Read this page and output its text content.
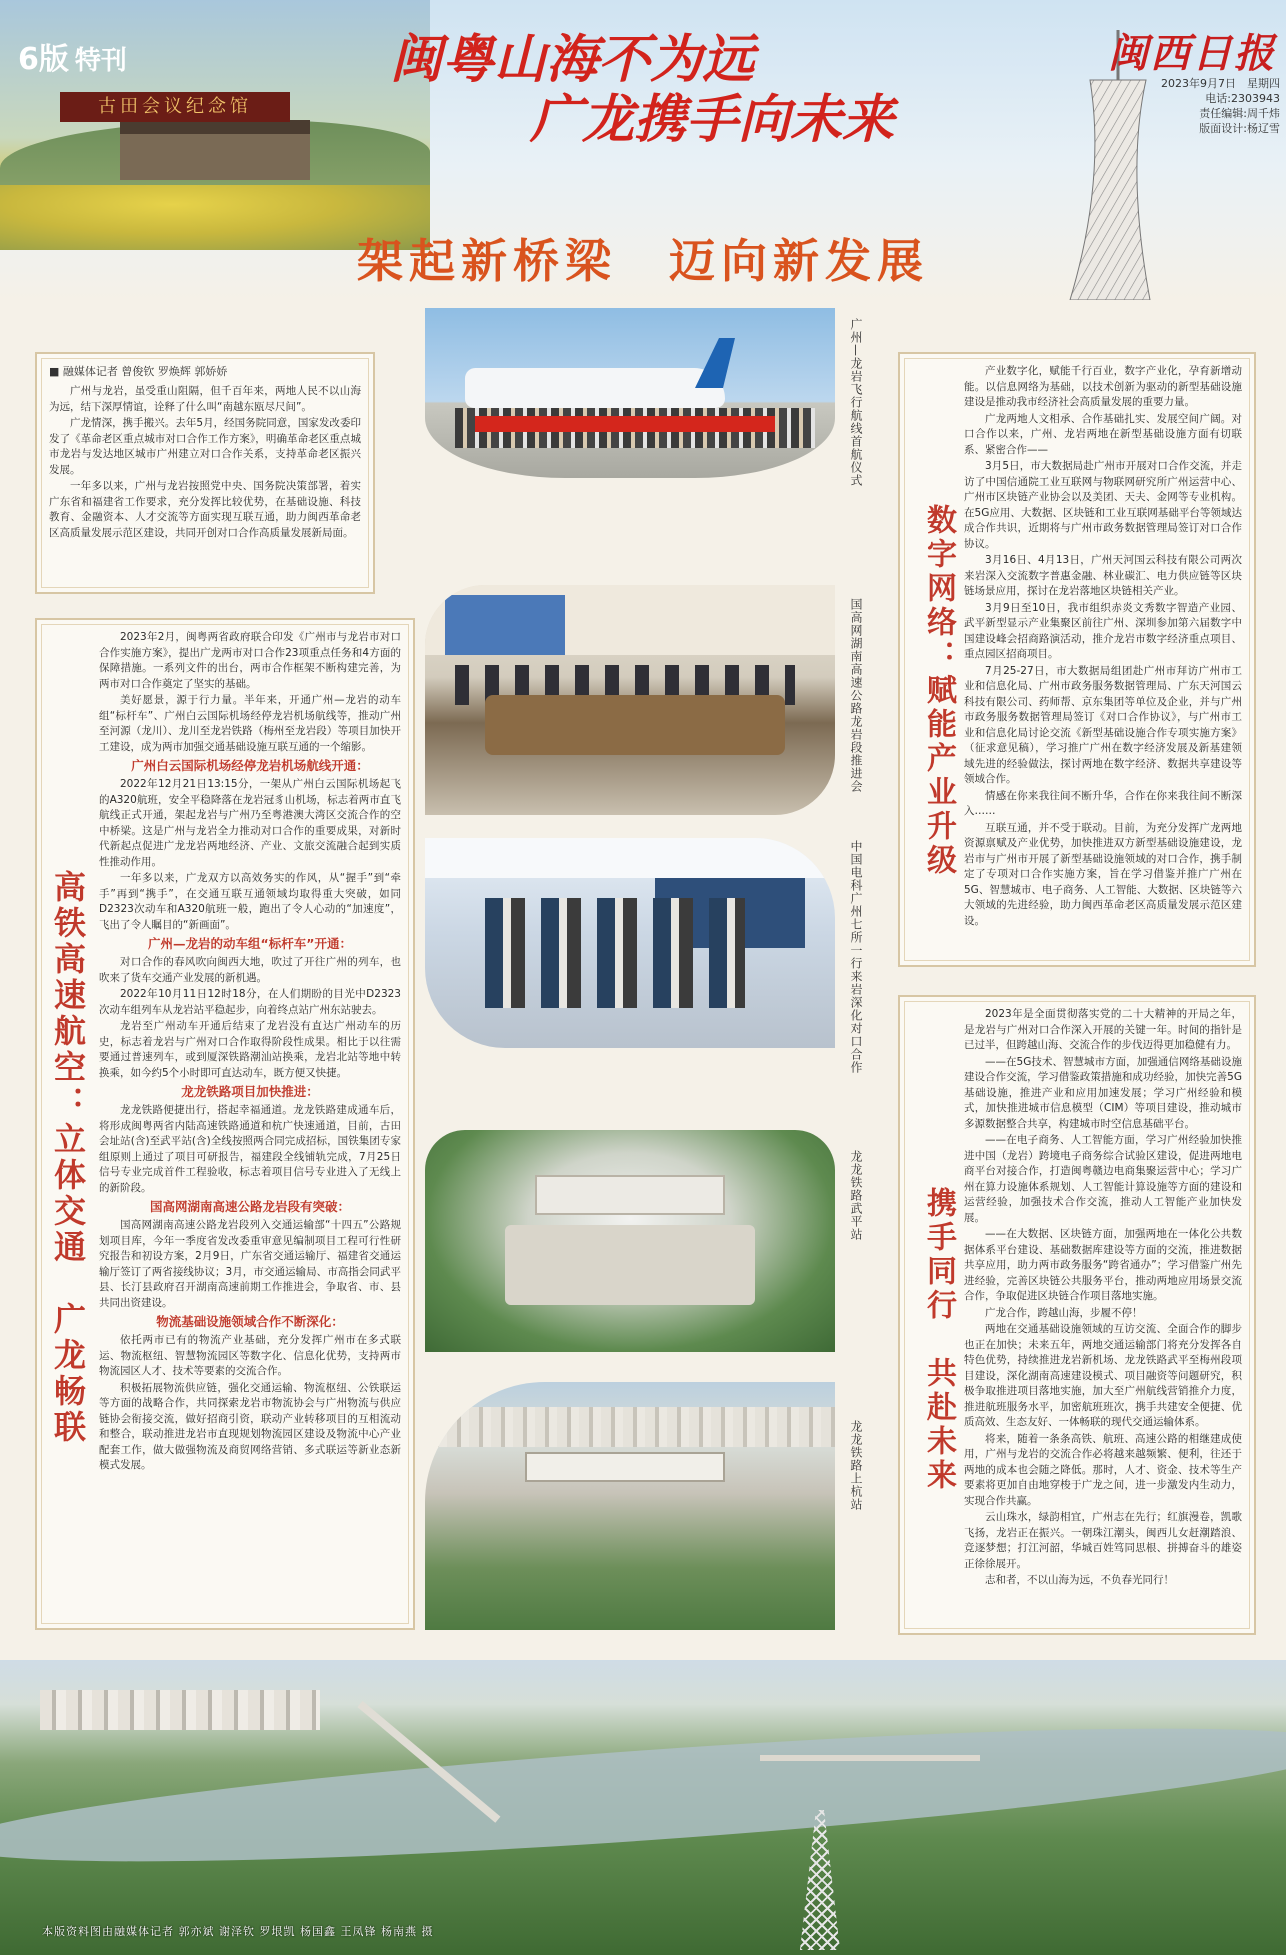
古田会议纪念馆
6版 特刊	闽粤山海不为远
广龙携手向未来
闽西日报
2023年9月7日　星期四
电话:2303943
责任编辑:周千炜
版面设计:杨辽雪
架起新桥梁　迈向新发展
■ 融媒体记者 曾俊钦 罗焕辉 郭娇娇

广州与龙岩，虽受重山阻隔，但千百年来，两地人民不以山海为远，结下深厚情谊，诠释了什么叫“南越东瓯尽尺间”。

广龙情深，携手搬兴。去年5月，经国务院同意，国家发改委印发了《革命老区重点城市对口合作工作方案》，明确革命老区重点城市龙岩与发达地区城市广州建立对口合作关系，支持革命老区振兴发展。

一年多以来，广州与龙岩按照党中央、国务院决策部署，着实广东省和福建省工作要求，充分发挥比较优势，在基础设施、科技教育、金融资本、人才交流等方面实现互联互通，助力闽西革命老区高质量发展示范区建设，共同开创对口合作高质量发展新局面。

高铁高速航空：立体交通　广龙畅联

2023年2月，闽粤两省政府联合印发《广州市与龙岩市对口合作实施方案》，提出广龙两市对口合作23项重点任务和4方面的保障措施。一系列文件的出台，两市合作框架不断构建完善，为两市对口合作奠定了坚实的基础。

美好愿景，源于行力量。半年来，开通广州—龙岩的动车组“标杆车”、广州白云国际机场经停龙岩机场航线等，推动广州至河源（龙川）、龙川至龙岩铁路（梅州至龙岩段）等项目加快开工建设，成为两市加强交通基础设施互联互通的一个缩影。

广州白云国际机场经停龙岩机场航线开通：

2022年12月21日13:15分，一架从广州白云国际机场起飞的A320航班，安全平稳降落在龙岩冠豸山机场，标志着两市直飞航线正式开通，架起龙岩与广州乃至粤港澳大湾区交流合作的空中桥梁。这是广州与龙岩全力推动对口合作的重要成果，对新时代新起点促进广龙龙岩两地经济、产业、文旅交流融合起到实质性推动作用。

一年多以来，广龙双方以高效务实的作风，从“握手”到“牵手”再到“携手”，在交通互联互通领域均取得重大突破，如同D2323次动车和A320航班一般，跑出了令人心动的“加速度”，飞出了令人瞩目的“新画面”。

广州—龙岩的动车组“标杆车”开通：

对口合作的春风吹向闽西大地，吹过了开往广州的列车，也吹来了货车交通产业发展的新机遇。

2022年10月11日12时18分，在人们期盼的目光中D2323次动车组列车从龙岩站平稳起步，向着终点站广州东站驶去。

龙岩至广州动车开通后结束了龙岩没有直达广州动车的历史，标志着龙岩与广州对口合作取得阶段性成果。相比于以往需要通过普速列车，或到厦深铁路潮汕站换乘，龙岩北站等地中转换乘，如今约5个小时即可直达动车，既方便又快捷。

龙龙铁路项目加快推进：

龙龙铁路便捷出行，搭起幸福通道。龙龙铁路建成通车后，将形成闽粤两省内陆高速铁路通道和杭广快速通道，目前，古田会址站(含)至武平站(含)全线按照两合同完成招标，国铁集团专家组原则上通过了项目可研报告，福建段全线铺轨完成，7月25日信号专业完成首件工程验收，标志着项目信号专业进入了无线上的新阶段。

国高网湖南高速公路龙岩段有突破：

国高网湖南高速公路龙岩段列入交通运输部“十四五”公路规划项目库，今年一季度省发改委重审意见编制项目工程可行性研究报告和初设方案，2月9日，广东省交通运输厅、福建省交通运输厅签订了两省接线协议；3月，市交通运输局、市高指会同武平县、长汀县政府召开湖南高速前期工作推进会，争取省、市、县共同出资建设。

物流基础设施领域合作不断深化：

依托两市已有的物流产业基础，充分发挥广州市在多式联运、物流枢纽、智慧物流园区等数字化、信息化优势，支持两市物流园区人才、技术等要素的交流合作。

积极拓展物流供应链，强化交通运输、物流枢纽、公铁联运等方面的战略合作，共同探索龙岩市物流协会与广州物流与供应链协会衔接交流，做好招商引资，联动产业转移项目的互相流动和整合，联动推进龙岩市直现规划物流园区建设及物流中心产业配套工作，做大做强物流及商贸网络营销、多式联运等新业态新模式发展。

广州—龙岩飞行航线首航仪式
国高网湖南高速公路龙岩段推进会
中国电科广州七所一行来岩深化对口合作
龙龙铁路武平站
龙龙铁路上杭站
数字网络：赋能产业升级

产业数字化，赋能千行百业，数字产业化，孕育新增动能。以信息网络为基础，以技术创新为驱动的新型基础设施建设是推动我市经济社会高质量发展的重要力量。

广龙两地人文相承、合作基础扎实、发展空间广阔。对口合作以来，广州、龙岩两地在新型基础设施方面有切联系、紧密合作——

3月5日，市大数据局赴广州市开展对口合作交流，并走访了中国信通院工业互联网与物联网研究所广州运营中心、广州市区块链产业协会以及美团、天夫、金网等专业机构。在5G应用、大数据、区块链和工业互联网基础平台等领域达成合作共识，近期将与广州市政务数据管理局签订对口合作协议。

3月16日、4月13日，广州天河国云科技有限公司两次来岩深入交流数字普惠金融、林业碳汇、电力供应链等区块链场景应用，探讨在龙岩落地区块链相关产业。

3月9日至10日，我市组织赤炎文秀数字智造产业园、武平新型显示产业集聚区前往广州、深圳参加第六届数字中国建设峰会招商路演活动，推介龙岩市数字经济重点项目、重点园区招商项目。

7月25-27日，市大数据局组团赴广州市拜访广州市工业和信息化局、广州市政务服务数据管理局、广东天河国云科技有限公司、药师帮、京东集团等单位及企业，并与广州市政务服务数据管理局签订《对口合作协议》，与广州市工业和信息化局讨论交流《新型基础设施合作专项实施方案》（征求意见稿），学习推广广州在数字经济发展及新基建领域先进的经验做法，探讨两地在数字经济、数据共享建设等领域合作。

情感在你来我往间不断升华，合作在你来我往间不断深入……

互联互通，并不受于联动。目前，为充分发挥广龙两地资源禀赋及产业优势，加快推进双方新型基础设施建设，龙岩市与广州市开展了新型基础设施领域的对口合作，携手制定了专项对口合作实施方案，旨在学习借鉴并推广广州在5G、智慧城市、电子商务、人工智能、大数据、区块链等六大领域的先进经验，助力闽西革命老区高质量发展示范区建设。

携手同行　共赴未来

2023年是全面贯彻落实党的二十大精神的开局之年，是龙岩与广州对口合作深入开展的关键一年。时间的指针是已过半，但跨越山海、交流合作的步伐迈得更加稳健有力。

——在5G技术、智慧城市方面，加强通信网络基础设施建设合作交流，学习借鉴政策措施和成功经验，加快完善5G基础设施，推进产业和应用加速发展；学习广州经验和模式，加快推进城市信息模型（CIM）等项目建设，推动城市多源数据整合共享，构建城市时空信息基础平台。

——在电子商务、人工智能方面，学习广州经验加快推进中国（龙岩）跨境电子商务综合试验区建设，促进两地电商平台对接合作，打造闽粤赣边电商集聚运营中心；学习广州在算力设施体系规划、人工智能计算设施等方面的建设和运营经验，加强技术合作交流，推动人工智能产业加快发展。

——在大数据、区块链方面，加强两地在一体化公共数据体系平台建设、基础数据库建设等方面的交流，推进数据共享应用，助力两市政务服务“跨省通办”；学习借鉴广州先进经验，完善区块链公共服务平台，推动两地应用场景交流合作，争取促进区块链合作项目落地实施。

广龙合作，跨越山海，步履不停！

两地在交通基础设施领域的互访交流、全面合作的脚步也正在加快；未来五年，两地交通运输部门将充分发挥各自特色优势，持续推进龙岩新机场、龙龙铁路武平至梅州段项目建设，深化湖南高速建设模式、项目融资等问题研究，积极争取推进项目落地实施，加大至广州航线营销推介力度，推进航班服务水平，加密航班班次，携手共建安全便捷、优质高效、生态友好、一体畅联的现代交通运输体系。

将来，随着一条条高铁、航班、高速公路的相继建成使用，广州与龙岩的交流合作必将越来越频繁、便利，往还于两地的成本也会随之降低。那时，人才、资金、技术等生产要素将更加自由地穿梭于广龙之间，进一步激发内生动力，实现合作共赢。

云山珠水，绿韵相宜，广州志在先行；红旗漫卷，凯歌飞扬，龙岩正在振兴。一朝珠江潮头，闽西儿女赶潮踏浪、竞逐梦想；打江河韶，华城百姓笃同思根、拼搏奋斗的雄姿正徐徐展开。

志和者，不以山海为远，不负春光同行！

本版资料图由融媒体记者 郭亦斌 谢泽钦 罗垠凯 杨国鑫 王凤锋 杨南燕 摄
